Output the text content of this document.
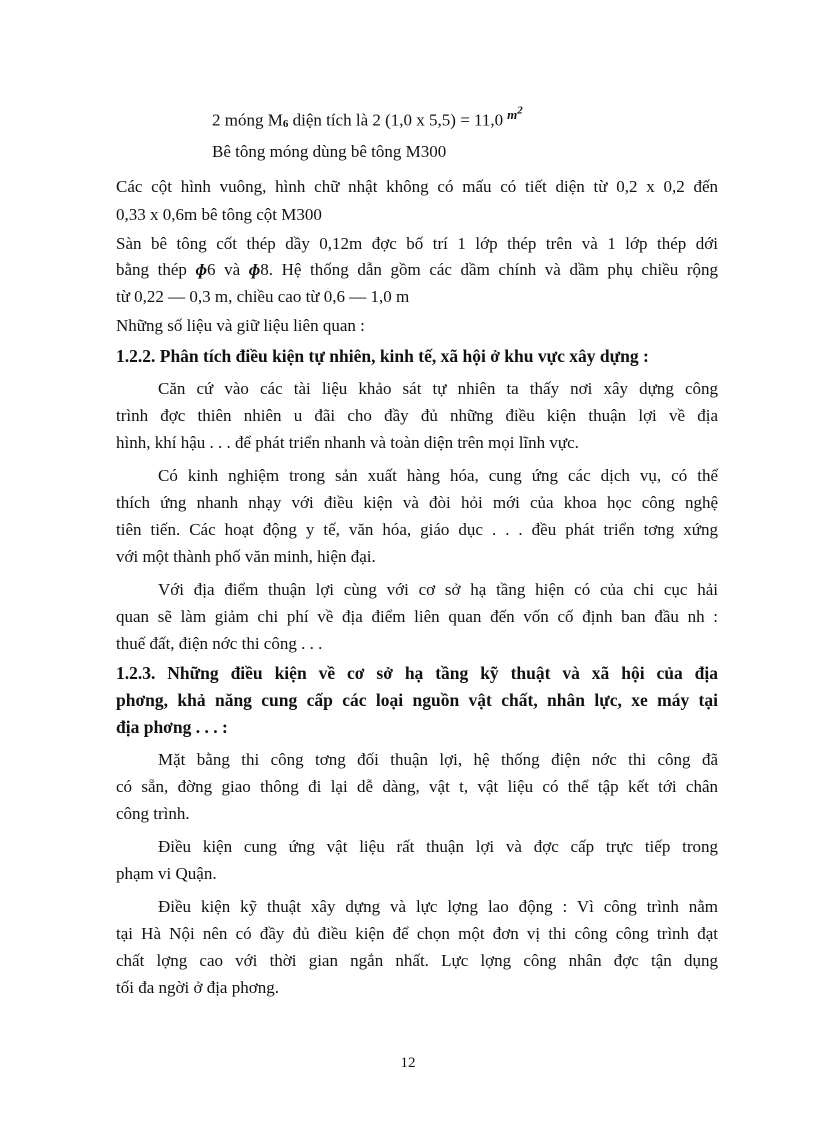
2 móng M6 diện tích là 2 (1,0 x 5,5) = 11,0 $^{m^2}$
Bê tông móng dùng bê tông M300
Các cột hình vuông, hình chữ nhật không có mấu có tiết diện từ 0,2 x 0,2 đến
0,33 x 0,6m bê tông cột M300
Sàn bê tông cốt thép dầy 0,12m đợc bố trí 1 lớp thép trên và 1 lớp thép dới
bằng thép ɸ6 và ɸ8. Hệ thống dẫn gồm các dầm chính và dầm phụ chiều rộng
từ 0,22 — 0,3 m, chiều cao từ 0,6 — 1,0 m
Những số liệu và giữ liệu liên quan :
1.2.2. Phân tích điều kiện tự nhiên, kinh tế, xã hội ở khu vực xây dựng :
Căn cứ vào các tài liệu khảo sát tự nhiên ta thấy nơi xây dựng công
trình đợc thiên nhiên u đãi cho đầy đủ những điều kiện thuận lợi về địa
hình, khí hậu . . . để phát triển nhanh và toàn diện trên mọi lĩnh vực.
Có kinh nghiệm trong sản xuất hàng hóa, cung ứng các dịch vụ, có thể
thích ứng nhanh nhạy với điều kiện và đòi hỏi mới của khoa học công nghệ
tiên tiến. Các hoạt động y tế, văn hóa, giáo dục . . . đều phát triển tơng xứng
với một thành phố văn minh, hiện đại.
Với địa điểm thuận lợi cùng với cơ sở hạ tầng hiện có của chi cục hải
quan sẽ làm giảm chi phí về địa điểm liên quan đến vốn cố định ban đầu nh :
thuế đất, điện nớc thi công . . .
1.2.3. Những điều kiện về cơ sở hạ tầng kỹ thuật và xã hội của địa
phơng, khả năng cung cấp các loại nguồn vật chất, nhân lực, xe máy tại
địa phơng . . . :
Mặt bằng thi công tơng đối thuận lợi, hệ thống điện nớc thi công đã
có sẵn, đờng giao thông đi lại dễ dàng, vật t, vật liệu có thể tập kết tới chân
công trình.
Điều kiện cung ứng vật liệu rất thuận lợi và đợc cấp trực tiếp trong
phạm vi Quận.
Điều kiện kỹ thuật xây dựng và lực lợng lao động : Vì công trình nằm
tại Hà Nội nên có đầy đủ điều kiện để chọn một đơn vị thi công công trình đạt
chất lợng cao với thời gian ngắn nhất. Lực lợng công nhân đợc tận dụng
tối đa ngời ở địa phơng.
12
